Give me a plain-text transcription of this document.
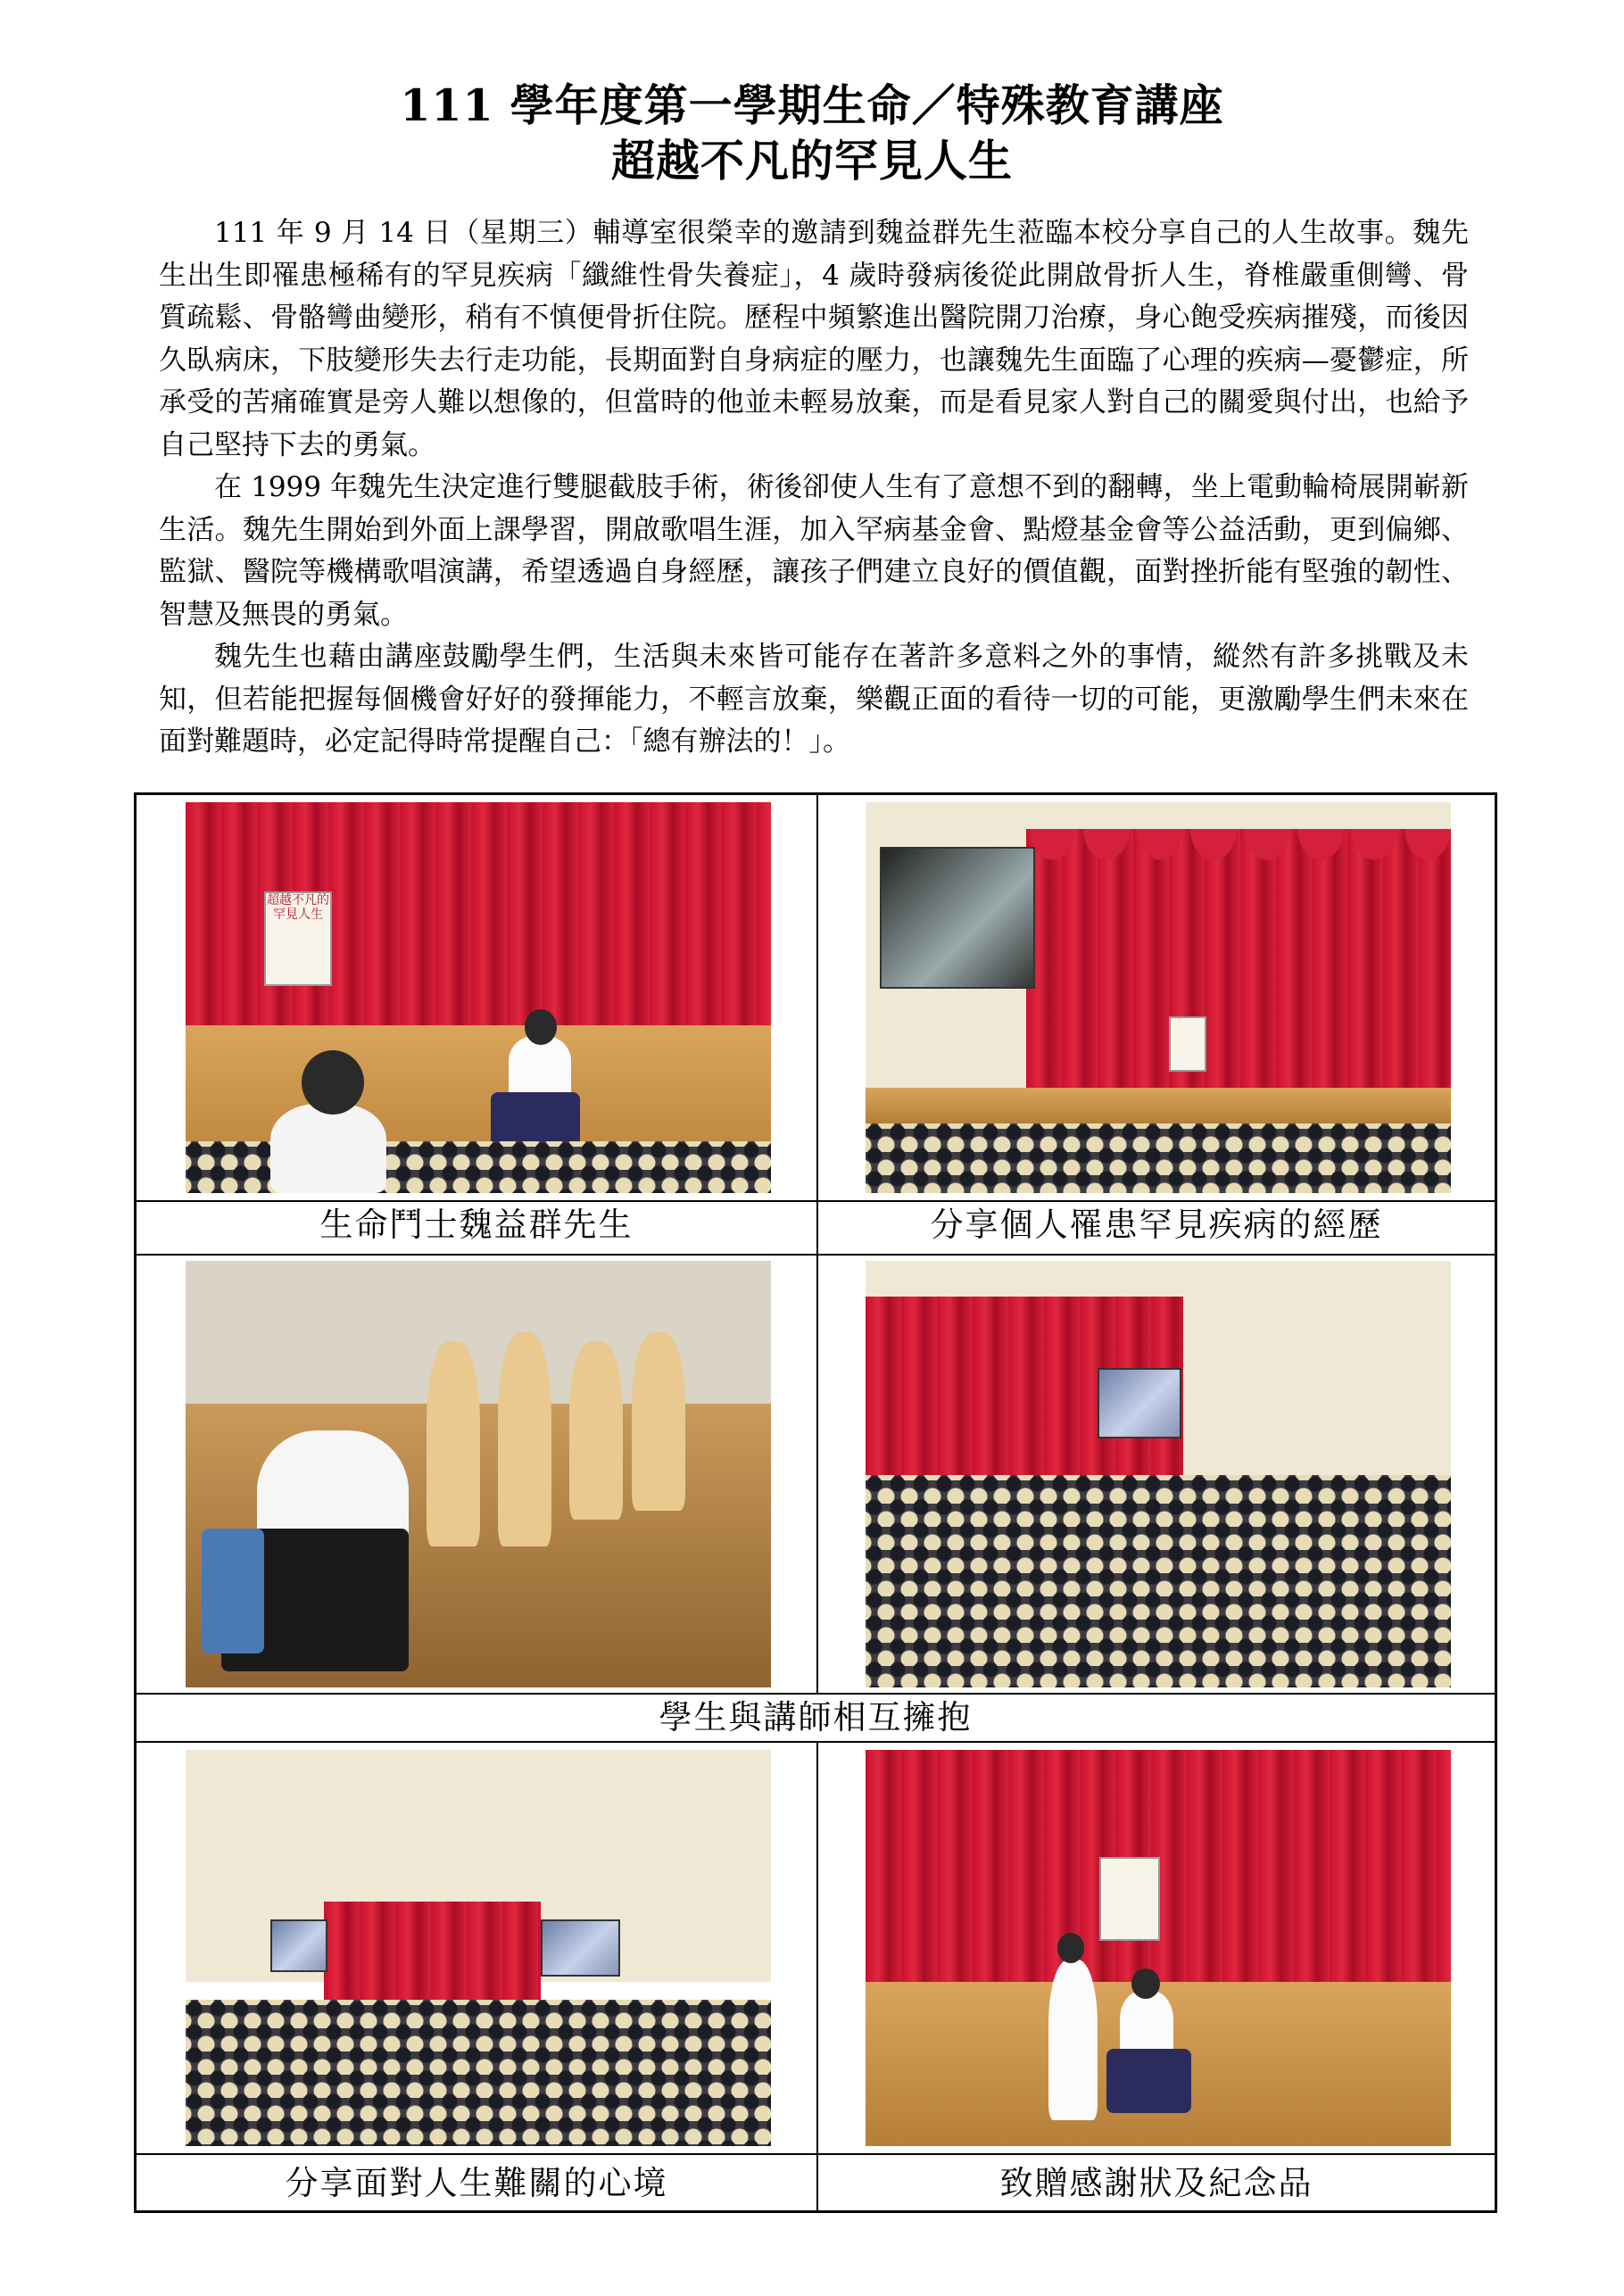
111 學年度第一學期生命／特殊教育講座
超越不凡的罕見人生

111 年 9 月 14 日（星期三）輔導室很榮幸的邀請到魏益群先生蒞臨本校分享自己的人生故事。魏先生出生即罹患極稀有的罕見疾病「纖維性骨失養症」，4 歲時發病後從此開啟骨折人生，脊椎嚴重側彎、骨質疏鬆、骨骼彎曲變形，稍有不慎便骨折住院。歷程中頻繁進出醫院開刀治療，身心飽受疾病摧殘，而後因久臥病床，下肢變形失去行走功能，長期面對自身病症的壓力，也讓魏先生面臨了心理的疾病—憂鬱症，所承受的苦痛確實是旁人難以想像的，但當時的他並未輕易放棄，而是看見家人對自己的關愛與付出，也給予自己堅持下去的勇氣。

在 1999 年魏先生決定進行雙腿截肢手術，術後卻使人生有了意想不到的翻轉，坐上電動輪椅展開嶄新生活。魏先生開始到外面上課學習，開啟歌唱生涯，加入罕病基金會、點燈基金會等公益活動，更到偏鄉、監獄、醫院等機構歌唱演講，希望透過自身經歷，讓孩子們建立良好的價值觀，面對挫折能有堅強的韌性、智慧及無畏的勇氣。

魏先生也藉由講座鼓勵學生們，生活與未來皆可能存在著許多意料之外的事情，縱然有許多挑戰及未知，但若能把握每個機會好好的發揮能力，不輕言放棄，樂觀正面的看待一切的可能，更激勵學生們未來在面對難題時，必定記得時常提醒自己：「總有辦法的！」。

超越不凡的罕見人生
生命鬥士魏益群先生	分享個人罹患罕見疾病的經歷
學生與講師相互擁抱
分享面對人生難關的心境	致贈感謝狀及紀念品
